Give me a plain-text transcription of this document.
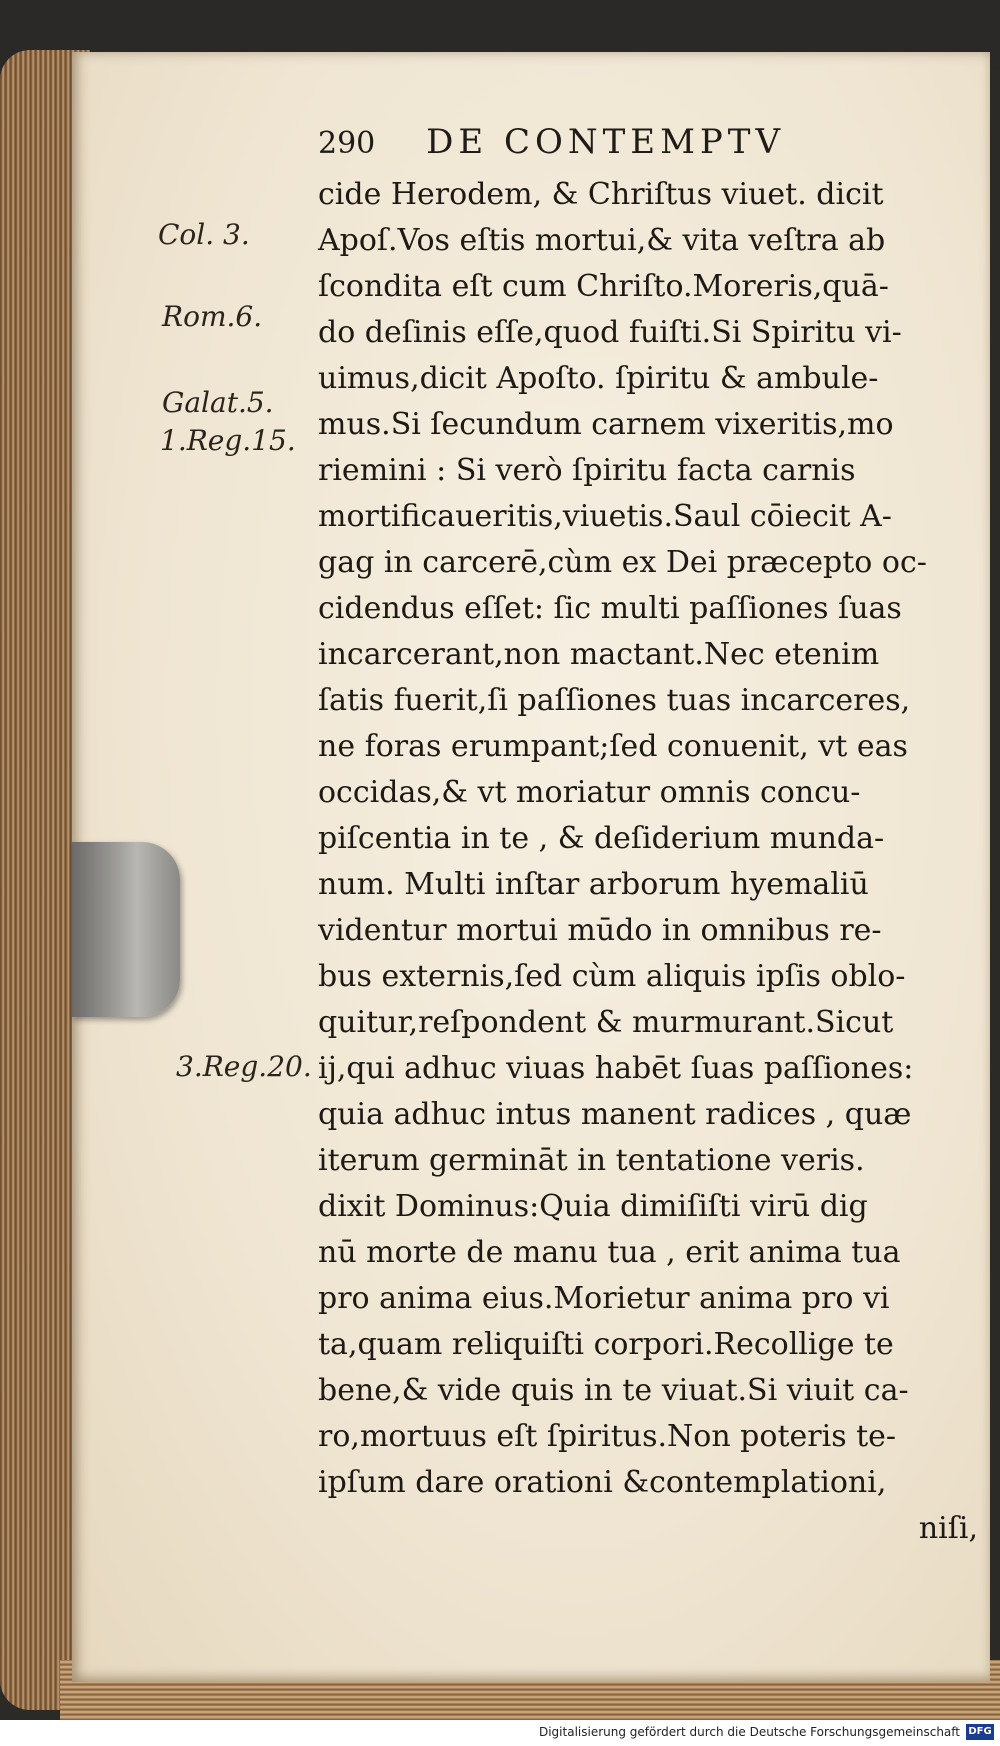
290 DE CONTEMPTV
Col. 3.
Rom.6.
Galat.5.
1.Reg.15.
3.Reg.20.
cide Herodem, & Chriſtus viuet. dicit
Apoſ.Vos eſtis mortui,& vita veſtra ab
ſcondita eſt cum Chriſto.Moreris,quā-
do deſinis eſſe,quod fuiſti.Si Spiritu vi-
uimus,dicit Apoſto. ſpiritu & ambule-
mus.Si ſecundum carnem vixeritis,mo
riemini : Si verò ſpiritu facta carnis
mortificaueritis,viuetis.Saul cōiecit A-
gag in carcerē,cùm ex Dei præcepto oc-
cidendus eſſet: ſic multi paſſiones ſuas
incarcerant,non mactant.Nec etenim
ſatis fuerit,ſi paſſiones tuas incarceres,
ne foras erumpant;ſed conuenit, vt eas
occidas,& vt moriatur omnis concu-
piſcentia in te , & deſiderium munda-
num. Multi inſtar arborum hyemaliū
videntur mortui mūdo in omnibus re-
bus externis,ſed cùm aliquis ipſis oblo-
quitur,reſpondent & murmurant.Sicut
ij,qui adhuc viuas habēt ſuas paſſiones:
quia adhuc intus manent radices , quæ
iterum germināt in tentatione veris.
dixit Dominus:Quia dimiſiſti virū dig
nū morte de manu tua , erit anima tua
pro anima eius.Morietur anima pro vi
ta,quam reliquiſti corpori.Recollige te
bene,& vide quis in te viuat.Si viuit ca-
ro,mortuus eſt ſpiritus.Non poteris te-
ipſum dare orationi &contemplationi,
niſi,
Digitalisierung gefördert durch die Deutsche Forschungsgemeinschaft DFG
